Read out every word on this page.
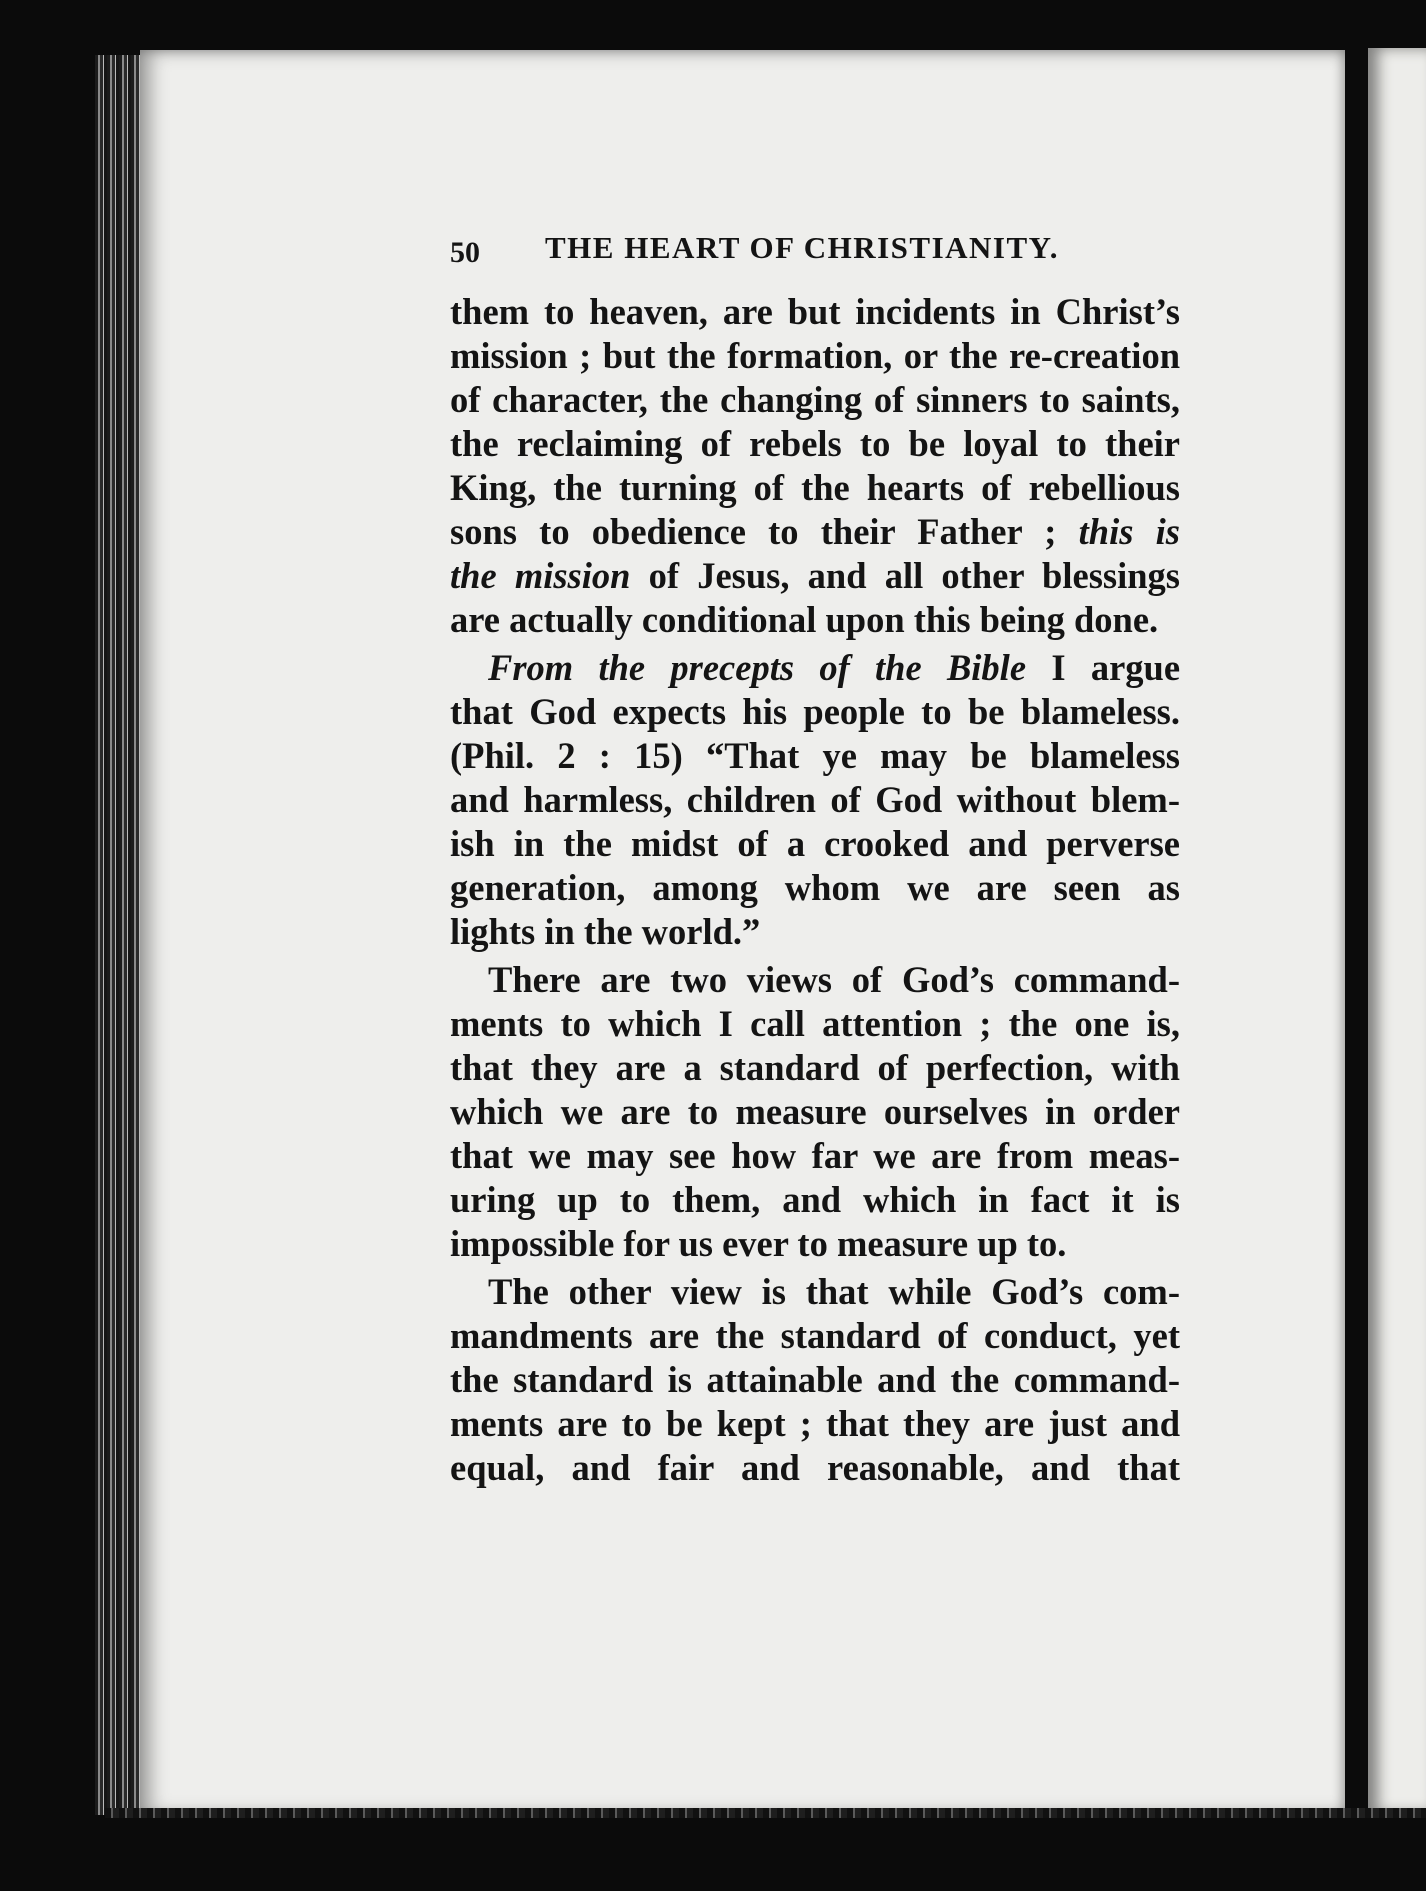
50 THE HEART OF CHRISTIANITY.
them to heaven, are but incidents in Christ’s
mission ; but the formation, or the re-creation
of character, the changing of sinners to saints,
the reclaiming of rebels to be loyal to their
King, the turning of the hearts of rebellious
sons to obedience to their Father ; this is
the mission of Jesus, and all other blessings
are actually conditional upon this being done.
From the precepts of the Bible I argue
that God expects his people to be blameless.
(Phil. 2 : 15) “That ye may be blameless
and harmless, children of God without blem-
ish in the midst of a crooked and perverse
generation, among whom we are seen as
lights in the world.”
There are two views of God’s command-
ments to which I call attention ; the one is,
that they are a standard of perfection, with
which we are to measure ourselves in order
that we may see how far we are from meas-
uring up to them, and which in fact it is
impossible for us ever to measure up to.
The other view is that while God’s com-
mandments are the standard of conduct, yet
the standard is attainable and the command-
ments are to be kept ; that they are just and
equal, and fair and reasonable, and that
